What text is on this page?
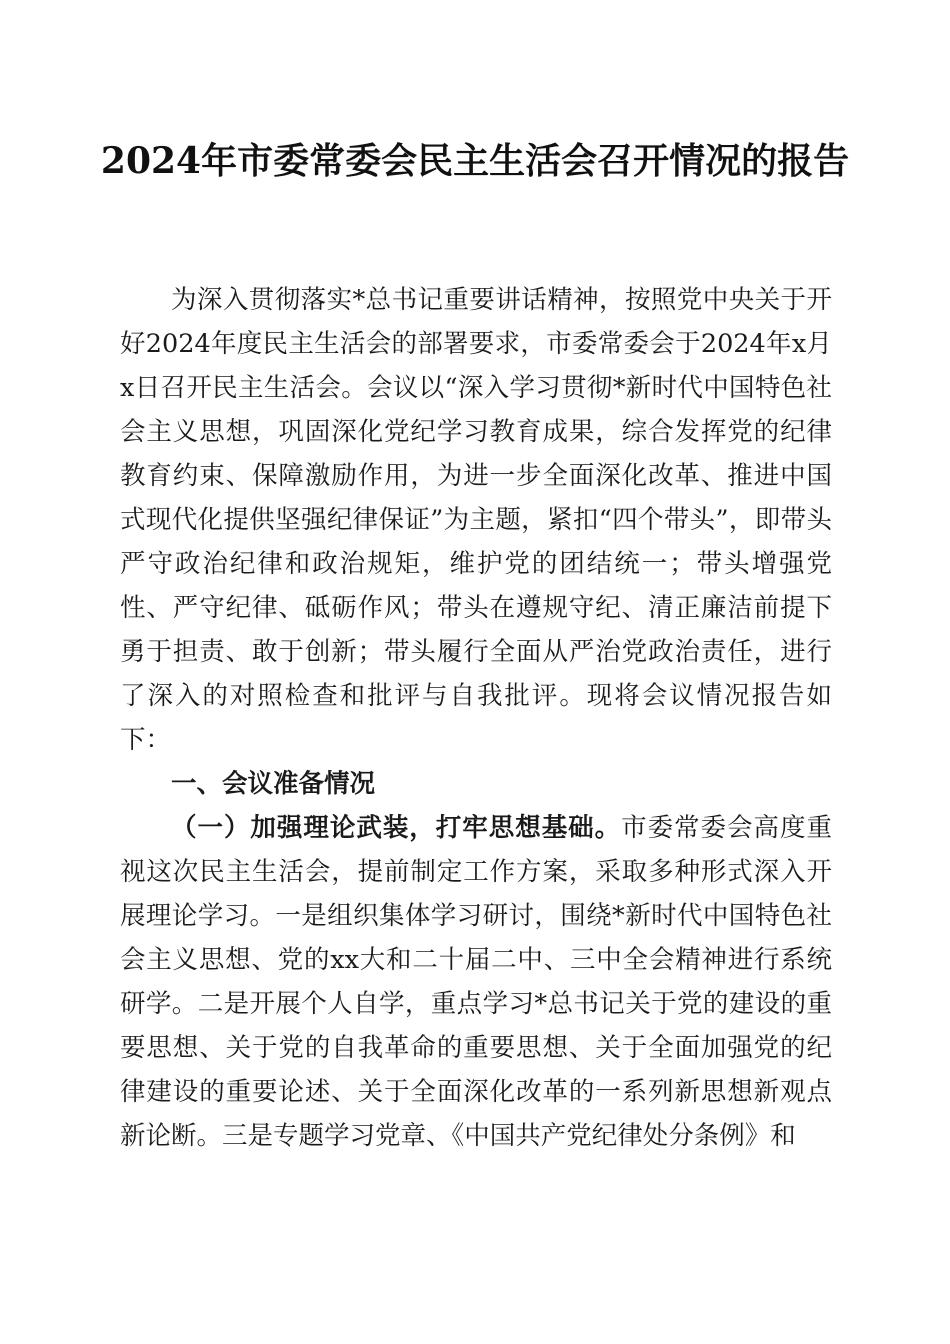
2024年市委常委会民主生活会召开情况的报告

为深入贯彻落实*总书记重要讲话精神，按照党中央关于开好2024年度民主生活会的部署要求，市委常委会于2024年x月x日召开民主生活会。会议以“深入学习贯彻*新时代中国特色社会主义思想，巩固深化党纪学习教育成果，综合发挥党的纪律教育约束、保障激励作用，为进一步全面深化改革、推进中国式现代化提供坚强纪律保证”为主题，紧扣“四个带头”，即带头严守政治纪律和政治规矩，维护党的团结统一；带头增强党性、严守纪律、砥砺作风；带头在遵规守纪、清正廉洁前提下勇于担责、敢于创新；带头履行全面从严治党政治责任，进行了深入的对照检查和批评与自我批评。现将会议情况报告如下：

一、会议准备情况

（一）加强理论武装，打牢思想基础。市委常委会高度重视这次民主生活会，提前制定工作方案，采取多种形式深入开展理论学习。一是组织集体学习研讨，围绕*新时代中国特色社会主义思想、党的xx大和二十届二中、三中全会精神进行系统研学。二是开展个人自学，重点学习*总书记关于党的建设的重要思想、关于党的自我革命的重要思想、关于全面加强党的纪律建设的重要论述、关于全面深化改革的一系列新思想新观点新论断。三是专题学习党章、《中国共产党纪律处分条例》和
